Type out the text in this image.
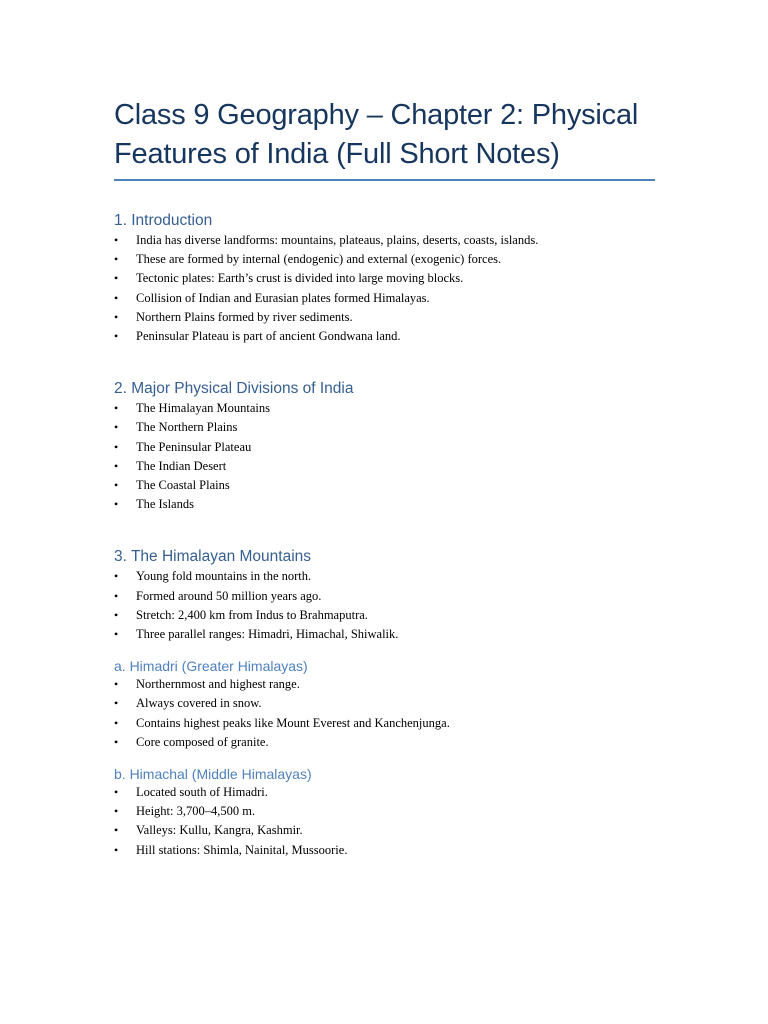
Class 9 Geography – Chapter 2: Physical Features of India (Full Short Notes)
1. Introduction
• India has diverse landforms: mountains, plateaus, plains, deserts, coasts, islands.
• These are formed by internal (endogenic) and external (exogenic) forces.
• Tectonic plates: Earth’s crust is divided into large moving blocks.
• Collision of Indian and Eurasian plates formed Himalayas.
• Northern Plains formed by river sediments.
• Peninsular Plateau is part of ancient Gondwana land.
2. Major Physical Divisions of India
• The Himalayan Mountains
• The Northern Plains
• The Peninsular Plateau
• The Indian Desert
• The Coastal Plains
• The Islands
3. The Himalayan Mountains
• Young fold mountains in the north.
• Formed around 50 million years ago.
• Stretch: 2,400 km from Indus to Brahmaputra.
• Three parallel ranges: Himadri, Himachal, Shiwalik.
a. Himadri (Greater Himalayas)
• Northernmost and highest range.
• Always covered in snow.
• Contains highest peaks like Mount Everest and Kanchenjunga.
• Core composed of granite.
b. Himachal (Middle Himalayas)
• Located south of Himadri.
• Height: 3,700–4,500 m.
• Valleys: Kullu, Kangra, Kashmir.
• Hill stations: Shimla, Nainital, Mussoorie.
